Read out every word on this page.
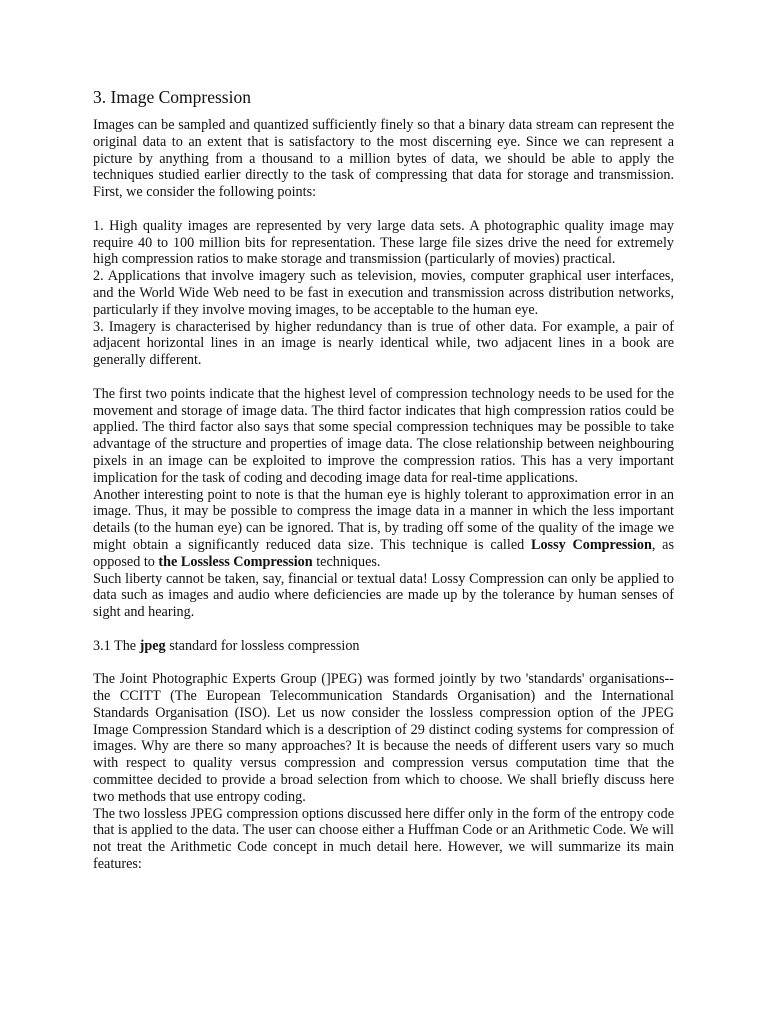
3. Image Compression

Images can be sampled and quantized sufficiently finely so that a binary data stream can represent the original data to an extent that is satisfactory to the most discerning eye. Since we can represent a picture by anything from a thousand to a million bytes of data, we should be able to apply the techniques studied earlier directly to the task of compressing that data for storage and transmission. First, we consider the following points:

1. High quality images are represented by very large data sets. A photographic quality image may require 40 to 100 million bits for representation. These large file sizes drive the need for extremely high compression ratios to make storage and transmission (particularly of movies) practical.

2. Applications that involve imagery such as television, movies, computer graphical user interfaces, and the World Wide Web need to be fast in execution and transmission across distribution networks, particularly if they involve moving images, to be acceptable to the human eye.

3. Imagery is characterised by higher redundancy than is true of other data. For example, a pair of adjacent horizontal lines in an image is nearly identical while, two adjacent lines in a book are generally different.

The first two points indicate that the highest level of compression technology needs to be used for the movement and storage of image data. The third factor indicates that high compression ratios could be applied. The third factor also says that some special compression techniques may be possible to take advantage of the structure and properties of image data. The close relationship between neighbouring pixels in an image can be exploited to improve the compression ratios. This has a very important implication for the task of coding and decoding image data for real-time applications.

Another interesting point to note is that the human eye is highly tolerant to approximation error in an image. Thus, it may be possible to compress the image data in a manner in which the less important details (to the human eye) can be ignored. That is, by trading off some of the quality of the image we might obtain a significantly reduced data size. This technique is called Lossy Compression, as opposed to the Lossless Compression techniques.

Such liberty cannot be taken, say, financial or textual data! Lossy Compression can only be applied to data such as images and audio where deficiencies are made up by the tolerance by human senses of sight and hearing.

3.1 The jpeg standard for lossless compression

The Joint Photographic Experts Group (]PEG) was formed jointly by two 'standards' organisations--the CCITT (The European Telecommunication Standards Organisation) and the International Standards Organisation (ISO). Let us now consider the lossless compression option of the JPEG Image Compression Standard which is a description of 29 distinct coding systems for compression of images. Why are there so many approaches? It is because the needs of different users vary so much with respect to quality versus compression and compression versus computation time that the committee decided to provide a broad selection from which to choose. We shall briefly discuss here two methods that use entropy coding.

The two lossless JPEG compression options discussed here differ only in the form of the entropy code that is applied to the data. The user can choose either a Huffman Code or an Arithmetic Code. We will not treat the Arithmetic Code concept in much detail here. However, we will summarize its main features:
